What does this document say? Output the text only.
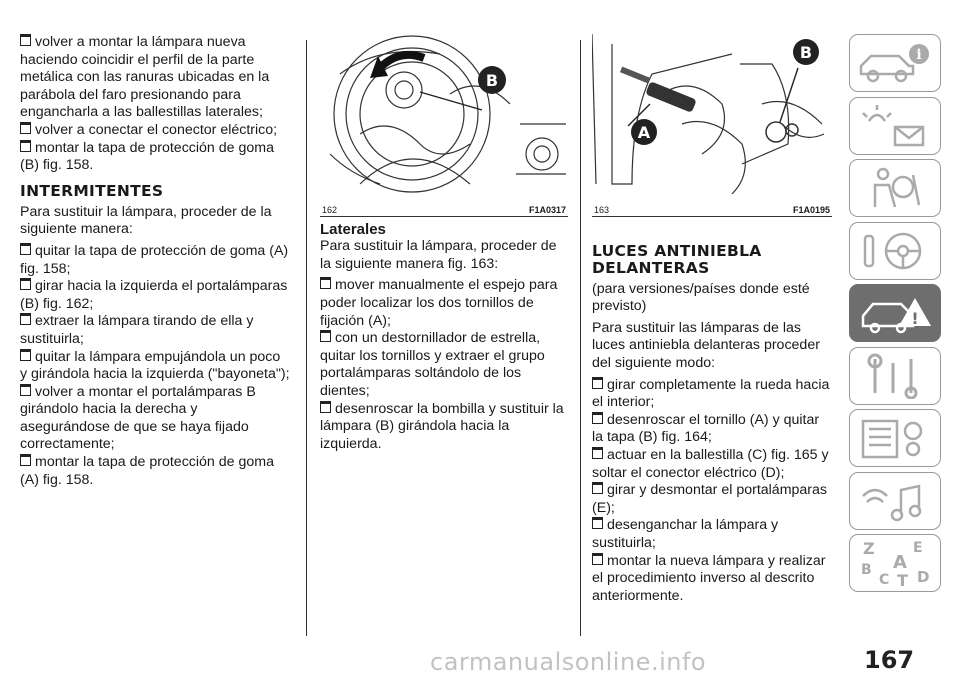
volver a montar la lámpara nueva haciendo coincidir el perfil de la parte metálica con las ranuras ubicadas en la parábola del faro presionando para engancharla a las ballestillas laterales;
volver a conectar el conector eléctrico;
montar la tapa de protección de goma (B) fig. 158.
INTERMITENTES

Para sustituir la lámpara, proceder de la siguiente manera:

quitar la tapa de protección de goma (A) fig. 158;
girar hacia la izquierda el portalámparas (B) fig. 162;
extraer la lámpara tirando de ella y sustituirla;
quitar la lámpara empujándola un poco y girándola hacia la izquierda ("bayoneta");
volver a montar el portalámparas B girándolo hacia la derecha y asegurándose de que se haya fijado correctamente;
montar la tapa de protección de goma (A) fig. 158.
B
162	F1A0317
Laterales

Para sustituir la lámpara, proceder de la siguiente manera fig. 163:

mover manualmente el espejo para poder localizar los dos tornillos de fijación (A);
con un destornillador de estrella, quitar los tornillos y extraer el grupo portalámparas soltándolo de los dientes;
desenroscar la bombilla y sustituir la lámpara (B) girándola hacia la izquierda.
A
B
163	F1A0195
LUCES ANTINIEBLA DELANTERAS

(para versiones/países donde esté previsto)

Para sustituir las lámparas de las luces antiniebla delanteras proceder del siguiente modo:

girar completamente la rueda hacia el interior;
desenroscar el tornillo (A) y quitar la tapa (B) fig. 164;
actuar en la ballestilla (C) fig. 165 y soltar el conector eléctrico (D);
girar y desmontar el portalámparas (E);
desenganchar la lámpara y sustituirla;
montar la nueva lámpara y realizar el procedimiento inverso al descrito anteriormente.
i
!
Z	E
B A
C T D
carmanualsonline.info	167
